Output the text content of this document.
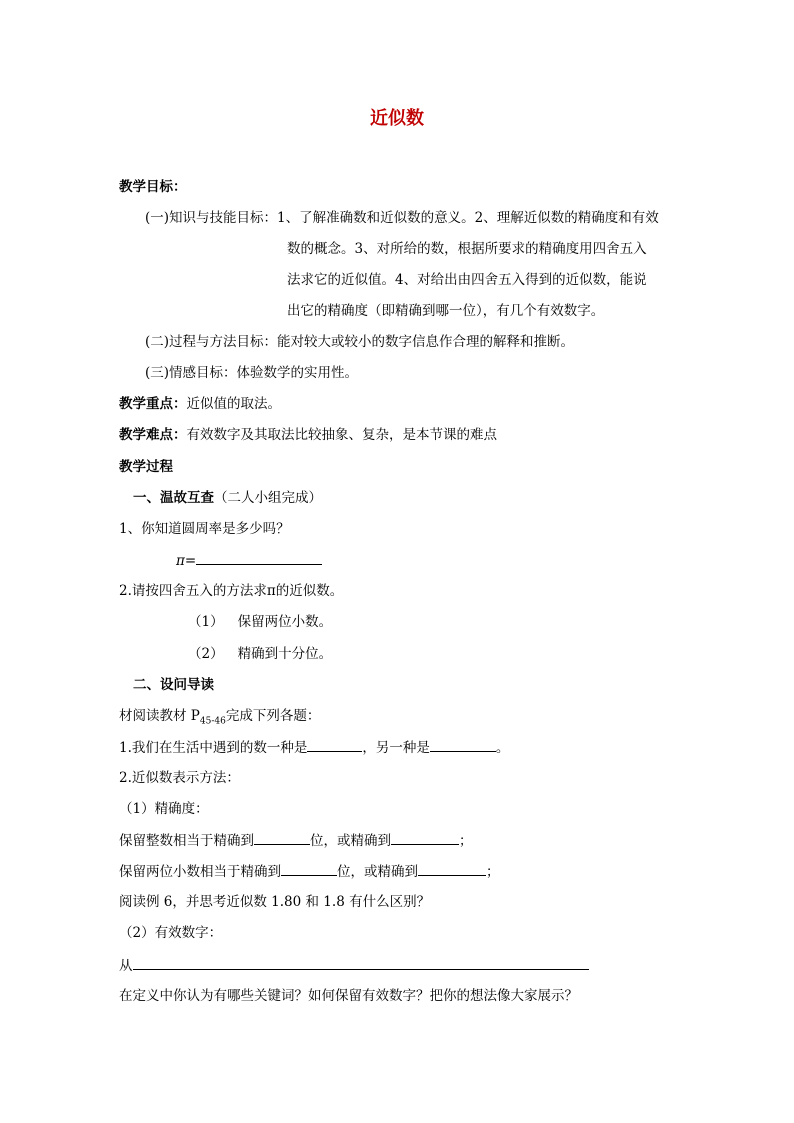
近似数
教学目标：
(一)知识与技能目标：1、了解准确数和近似数的意义。2、理解近似数的精确度和有效
数的概念。3、对所给的数，根据所要求的精确度用四舍五入
法求它的近似值。4、对给出由四舍五入得到的近似数，能说
出它的精确度（即精确到哪一位），有几个有效数字。
(二)过程与方法目标：能对较大或较小的数字信息作合理的解释和推断。
(三)情感目标：体验数学的实用性。
教学重点：近似值的取法。
教学难点：有效数字及其取法比较抽象、复杂，是本节课的难点
教学过程
一、温故互查（二人小组完成）
1、你知道圆周率是多少吗？
π=
2.请按四舍五入的方法求π的近似数。
（1） 保留两位小数。
（2） 精确到十分位。
二、设问导读
材阅读教材 $P_{45-46}$完成下列各题：
1.我们在生活中遇到的数一种是	，另一种是	。
2.近似数表示方法：
（1）精确度：
保留整数相当于精确到	位，或精确到	；
保留两位小数相当于精确到	位，或精确到	；
阅读例 6，并思考近似数 1.80 和 1.8 有什么区别？
（2）有效数字：
从
在定义中你认为有哪些关键词？如何保留有效数字？把你的想法像大家展示？
